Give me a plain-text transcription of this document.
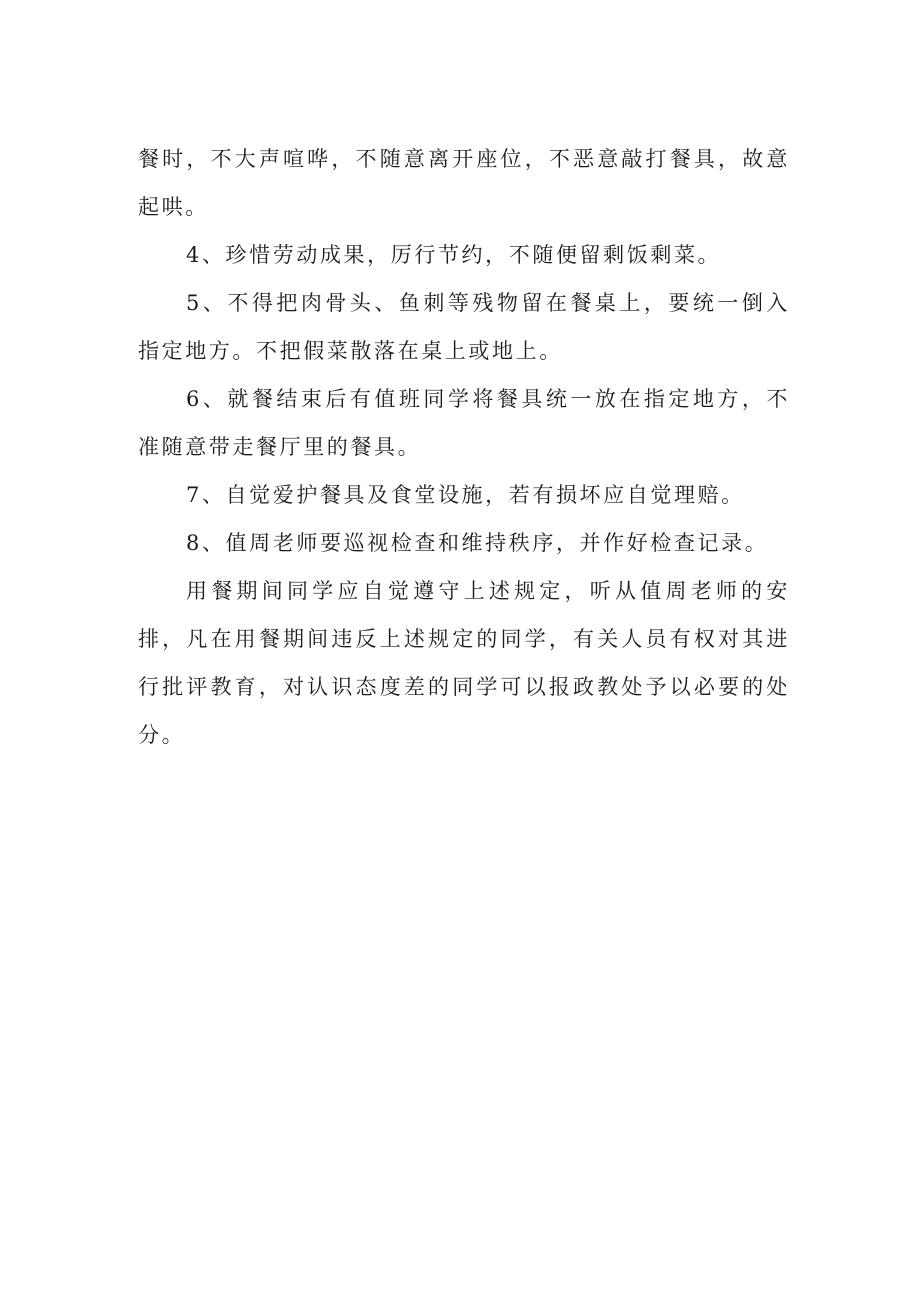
餐时，不大声喧哗，不随意离开座位，不恶意敲打餐具，故意起哄。

4、珍惜劳动成果，厉行节约，不随便留剩饭剩菜。

5、不得把肉骨头、鱼刺等残物留在餐桌上，要统一倒入指定地方。不把假菜散落在桌上或地上。

6、就餐结束后有值班同学将餐具统一放在指定地方，不准随意带走餐厅里的餐具。

7、自觉爱护餐具及食堂设施，若有损坏应自觉理赔。

8、值周老师要巡视检查和维持秩序，并作好检查记录。

用餐期间同学应自觉遵守上述规定，听从值周老师的安排，凡在用餐期间违反上述规定的同学，有关人员有权对其进行批评教育，对认识态度差的同学可以报政教处予以必要的处分。
